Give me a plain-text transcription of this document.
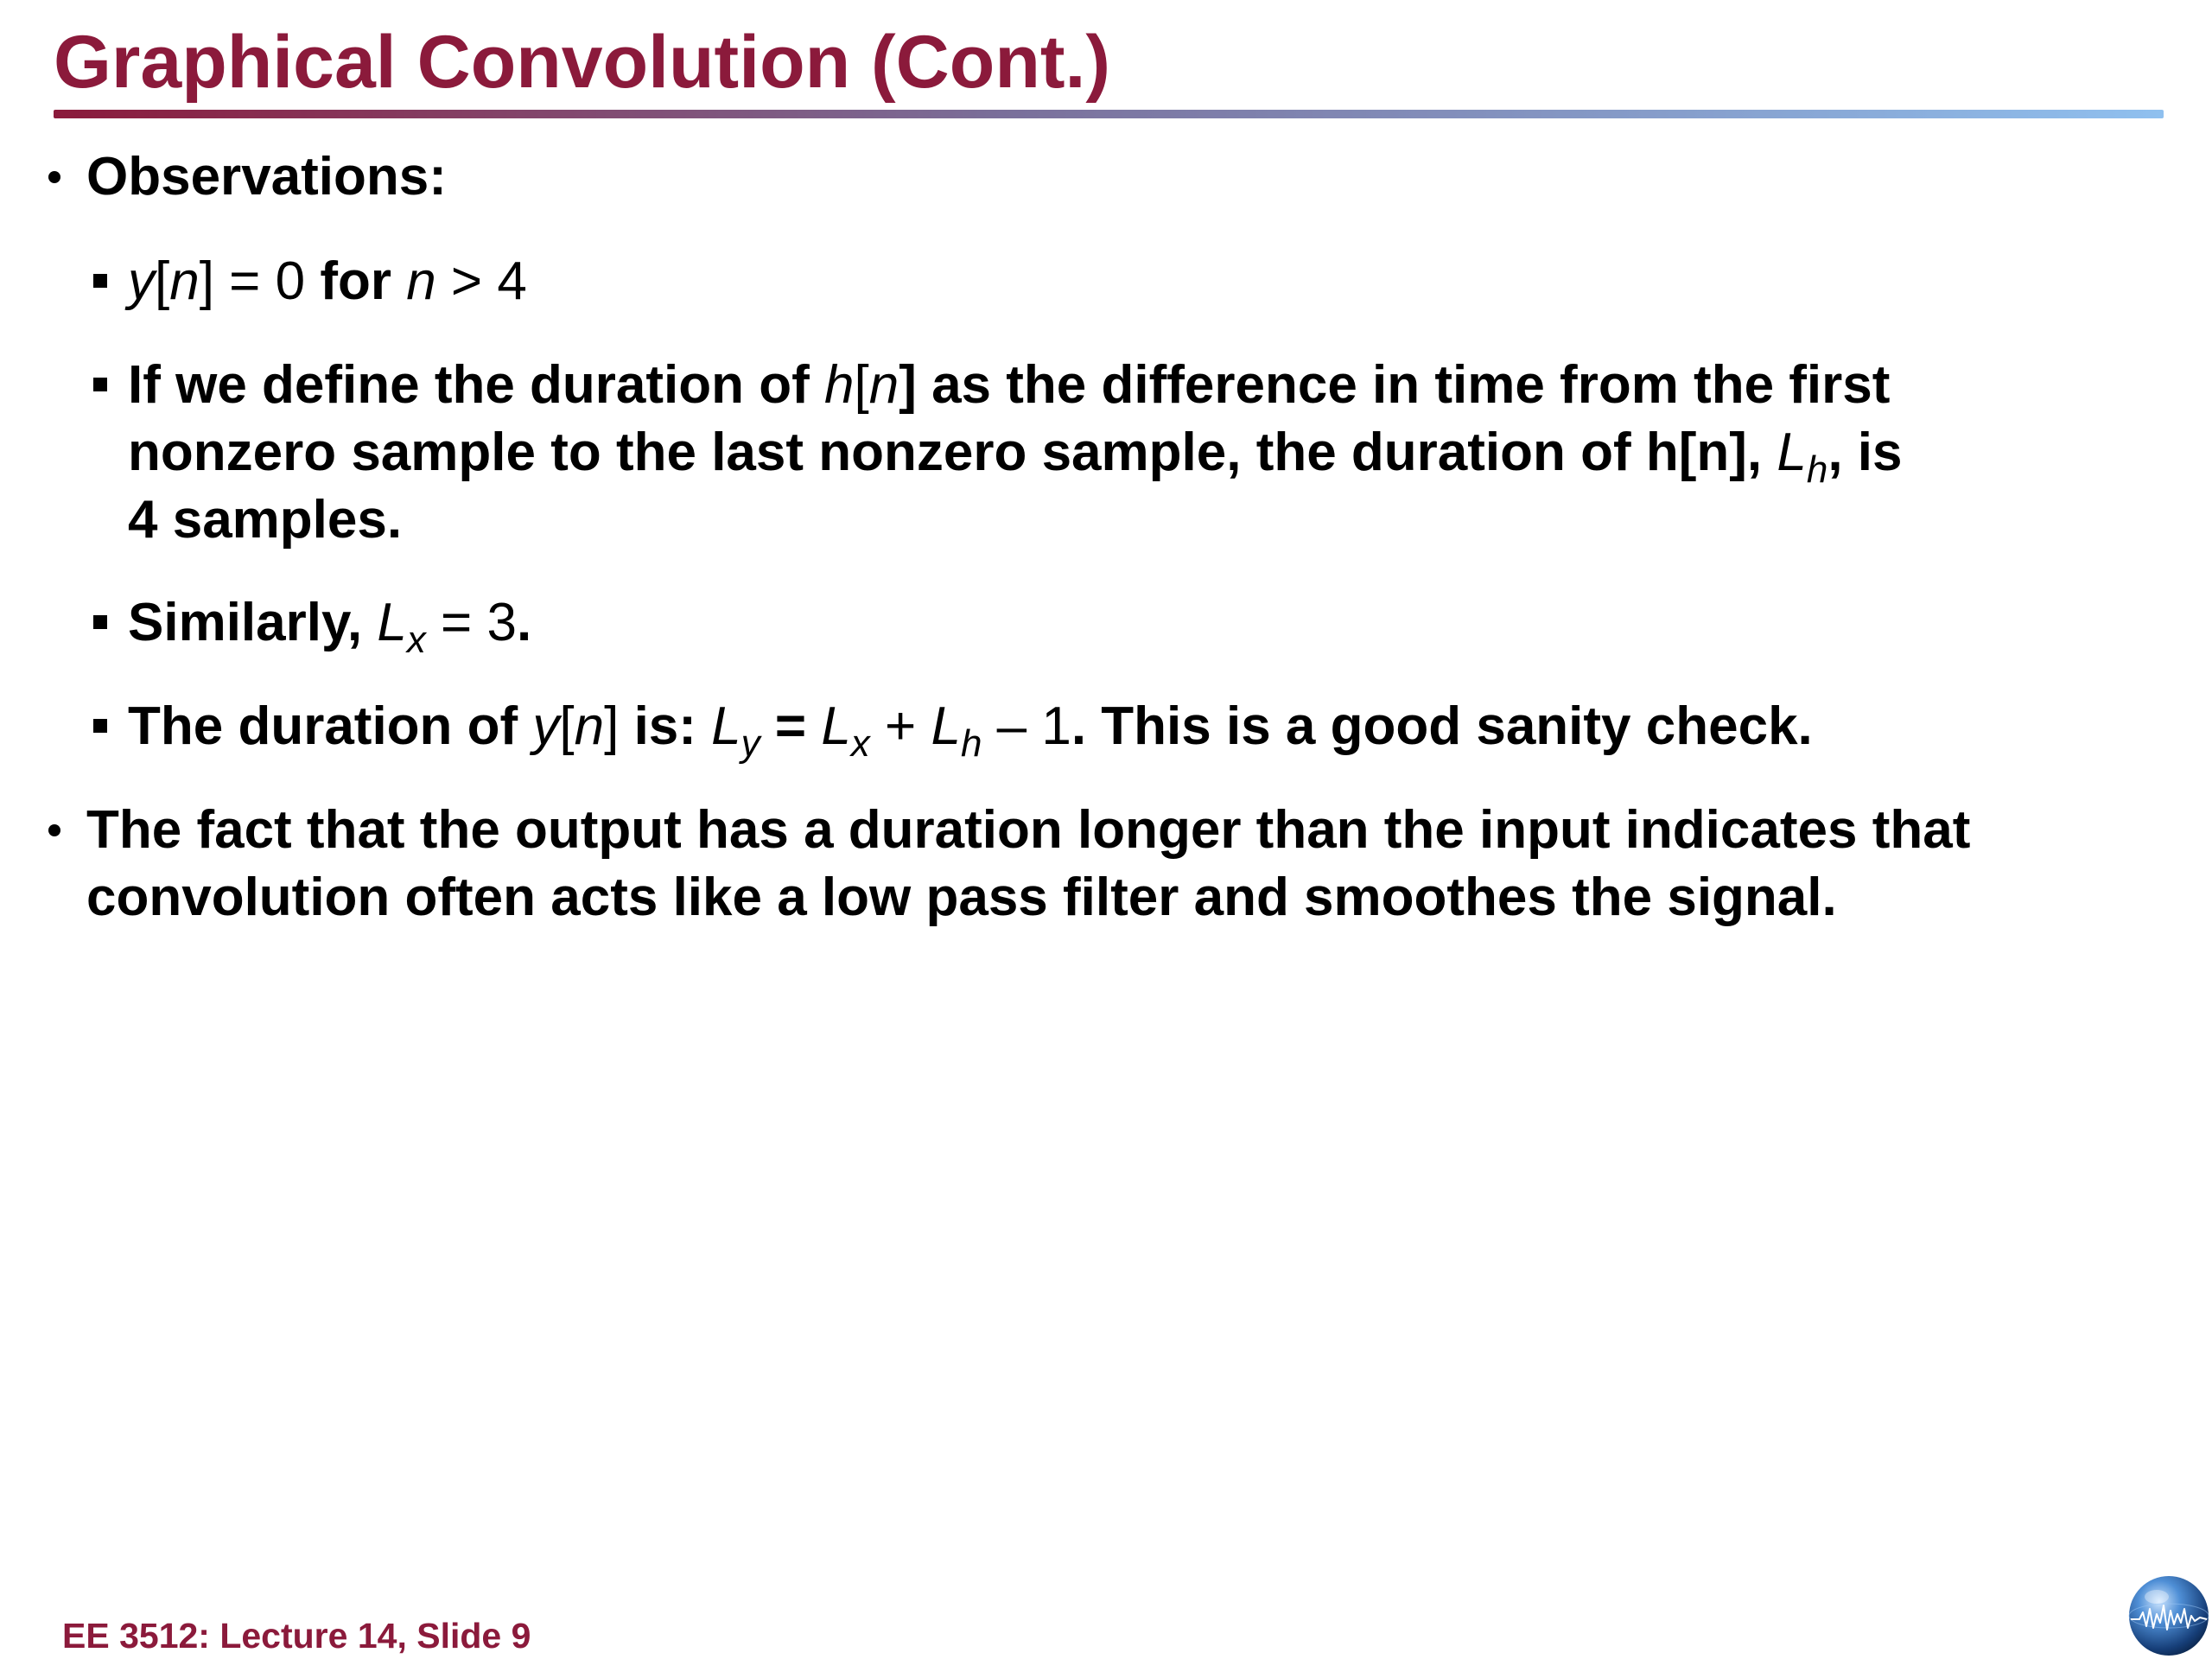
Graphical Convolution (Cont.)
Observations:
y[n] = 0 for n > 4
If we define the duration of h[n] as the difference in time from the first
nonzero sample to the last nonzero sample, the duration of h[n], $L_h$, is
4 samples.
Similarly, $L_x = 3$.
The duration of y[n] is: $L_y = L_x + L_h - 1$. This is a good sanity check.
The fact that the output has a duration longer than the input indicates that
convolution often acts like a low pass filter and smoothes the signal.
EE 3512: Lecture 14, Slide 9
